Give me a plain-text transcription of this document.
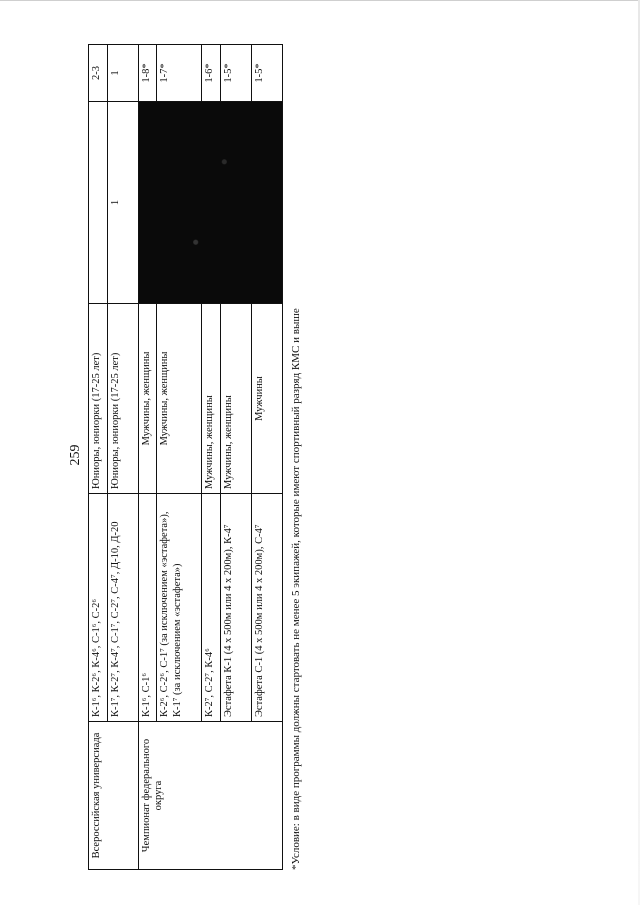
259
Всероссийская универсиада	К-1⁶, К-2⁶, К-4⁶, С-1⁶, С-2⁶	Юниоры, юниорки (17-25 лет)		2-3
	К-1⁷, К-2⁷, К-4⁷, С-1⁷, С-2⁷, С-4⁷, Д-10, Д-20	Юниоры, юниорки (17-25 лет)	1	1
Чемпионат федерального округа	К-1⁶, С-1⁶	Мужчины, женщины		1-8*
	К-2⁶, С-2⁶, С-1⁷ (за исключением «эстафета»), К-1⁷ (за исключением «эстафета»)	Мужчины, женщины		1-7*
	К-2⁷, С-2⁷, К-4⁶	Мужчины, женщины		1-6*
	Эстафета К-1 (4 х 500м или 4 х 200м), К-4⁷	Мужчины, женщины		1-5*
	Эстафета С-1 (4 х 500м или 4 х 200м), С-4⁷	Мужчины		1-5*
*Условие: в виде программы должны стартовать не менее 5 экипажей, которые имеют спортивный разряд КМС и выше
